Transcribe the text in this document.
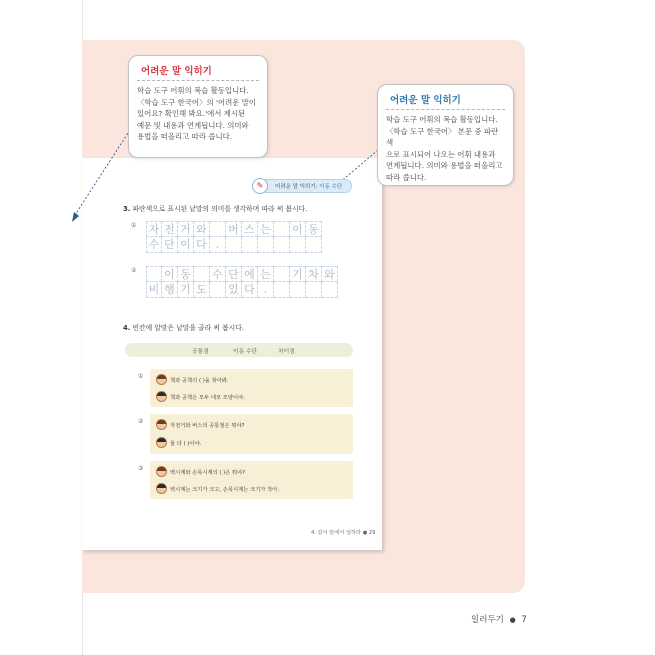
어려운 말 익히기
학습 도구 어휘의 복습 활동입니다.
〈학습 도구 한국어〉의 '어려운 말이
있어요? 확인해 봐요.'에서 제시된
예문 및 내용과 연계됩니다. 의미와
용법을 떠올리고 따라 씁니다.
어려운 말 익히기
학습 도구 어휘의 복습 활동입니다.
〈학습 도구 한국어〉 본문 중 파란색
으로 표시되어 나오는 어휘 내용과
연계됩니다. 의미와 용법을 떠올리고
따라 씁니다.
✎	어려운 말 익히기: 이동 수단
3. 파란색으로 표시된 낱말의 의미를 생각하며 따라 써 봅시다.
① 자 전 거 와 버 스 는 이 동
수 단 이 다 .
②	이 동 수 단 에 는 기 차 와
비 행 기 도 있 다 .
4. 빈칸에 알맞은 낱말을 골라 써 봅시다.
공통점	이동 수단	차이점
①
책과 공책의 ( )을 찾아봐.
책과 공책은 모두 네모 모양이야.
②
자전거와 버스의 공통점은 뭐야?
둘 다 ( )이야.
③
벽시계와 손목시계의 ( )은 뭐야?
벽시계는 크기가 크고, 손목시계는 크기가 작아.
4. 같이 탄에서 일하라 ● 29
일러두기 ● 7
